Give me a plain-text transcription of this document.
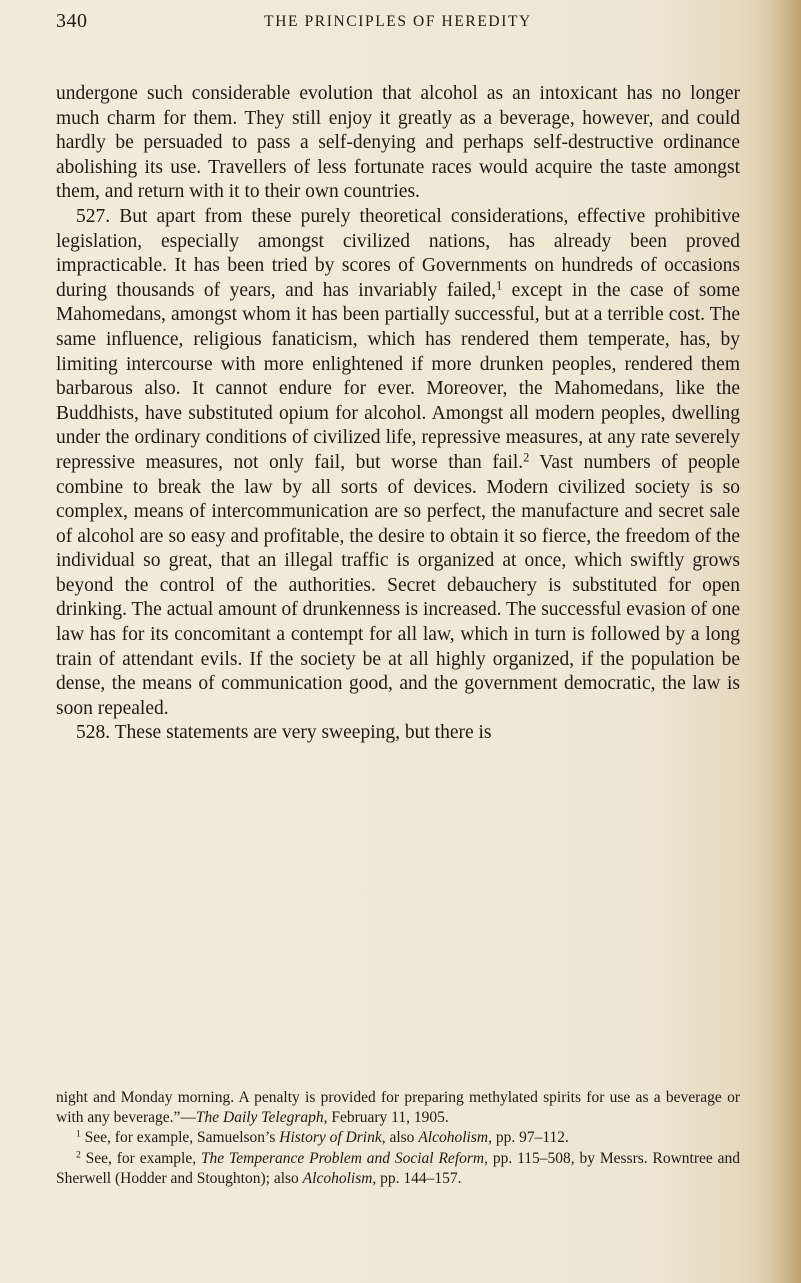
340	THE PRINCIPLES OF HEREDITY

undergone such considerable evolution that alcohol as an intoxicant has no longer much charm for them. They still enjoy it greatly as a beverage, however, and could hardly be persuaded to pass a self-denying and perhaps self-destructive ordinance abolishing its use. Travellers of less fortunate races would acquire the taste amongst them, and return with it to their own countries.

527. But apart from these purely theoretical considerations, effective prohibitive legislation, especially amongst civilized nations, has already been proved impracticable. It has been tried by scores of Governments on hundreds of occasions during thousands of years, and has invariably failed,$^1$ except in the case of some Mahomedans, amongst whom it has been partially successful, but at a terrible cost. The same influence, religious fanaticism, which has rendered them temperate, has, by limiting intercourse with more enlightened if more drunken peoples, rendered them barbarous also. It cannot endure for ever. Moreover, the Mahomedans, like the Buddhists, have substituted opium for alcohol. Amongst all modern peoples, dwelling under the ordinary conditions of civilized life, repressive measures, at any rate severely repressive measures, not only fail, but worse than fail.$^2$ Vast numbers of people combine to break the law by all sorts of devices. Modern civilized society is so complex, means of intercommunication are so perfect, the manufacture and secret sale of alcohol are so easy and profitable, the desire to obtain it so fierce, the freedom of the individual so great, that an illegal traffic is organized at once, which swiftly grows beyond the control of the authorities. Secret debauchery is substituted for open drinking. The actual amount of drunkenness is increased. The successful evasion of one law has for its concomitant a contempt for all law, which in turn is followed by a long train of attendant evils. If the society be at all highly organized, if the population be dense, the means of communication good, and the government democratic, the law is soon repealed.

528. These statements are very sweeping, but there is

night and Monday morning. A penalty is provided for preparing methylated spirits for use as a beverage or with any beverage.”—The Daily Telegraph, February 11, 1905.

$^1$ See, for example, Samuelson’s History of Drink, also Alcoholism, pp. 97–112.

$^2$ See, for example, The Temperance Problem and Social Reform, pp. 115–508, by Messrs. Rowntree and Sherwell (Hodder and Stoughton); also Alcoholism, pp. 144–157.
